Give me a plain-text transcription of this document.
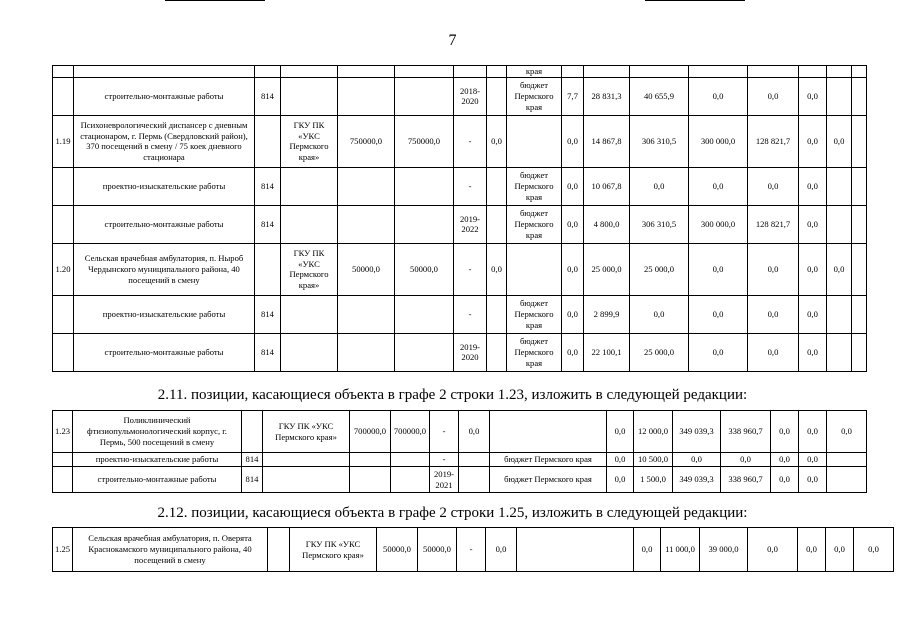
7
								края								
	строительно-монтажные работы	814				2018-2020		бюджет Пермского края	7,7	28 831,3	40 655,9	0,0	0,0	0,0		
1.19	Психоневрологический диспансер с дневным стационаром, г. Пермь (Свердловский район), 370 посещений в смену / 75 коек дневного стационара		ГКУ ПК «УКС Пермского края»	750000,0	750000,0	-	0,0		0,0	14 867,8	306 310,5	300 000,0	128 821,7	0,0	0,0	
	проектно-изыскательские работы	814				-		бюджет Пермского края	0,0	10 067,8	0,0	0,0	0,0	0,0		
	строительно-монтажные работы	814				2019-2022		бюджет Пермского края	0,0	4 800,0	306 310,5	300 000,0	128 821,7	0,0		
1.20	Сельская врачебная амбулатория, п. Ныроб Чердынского муниципального района, 40 посещений в смену		ГКУ ПК «УКС Пермского края»	50000,0	50000,0	-	0,0		0,0	25 000,0	25 000,0	0,0	0,0	0,0	0,0	
	проектно-изыскательские работы	814				-		бюджет Пермского края	0,0	2 899,9	0,0	0,0	0,0	0,0		
	строительно-монтажные работы	814				2019-2020		бюджет Пермского края	0,0	22 100,1	25 000,0	0,0	0,0	0,0		
2.11. позиции, касающиеся объекта в графе 2 строки 1.23, изложить в следующей редакции:
1.23	Поликлинический фтизиопульмонологический корпус, г. Пермь, 500 посещений в смену		ГКУ ПК «УКС Пермского края»	700000,0	700000,0	-	0,0		0,0	12 000,0	349 039,3	338 960,7	0,0	0,0	0,0
	проектно-изыскательские работы	814				-		бюджет Пермского края	0,0	10 500,0	0,0	0,0	0,0	0,0	
	строительно-монтажные работы	814				2019-2021		бюджет Пермского края	0,0	1 500,0	349 039,3	338 960,7	0,0	0,0	
2.12. позиции, касающиеся объекта в графе 2 строки 1.25, изложить в следующей редакции:
1.25	Сельская врачебная амбулатория, п. Оверята Краснокамского муниципального района, 40 посещений в смену		ГКУ ПК «УКС Пермского края»	50000,0	50000,0	-	0,0		0,0	11 000,0	39 000,0	0,0	0,0	0,0	0,0
